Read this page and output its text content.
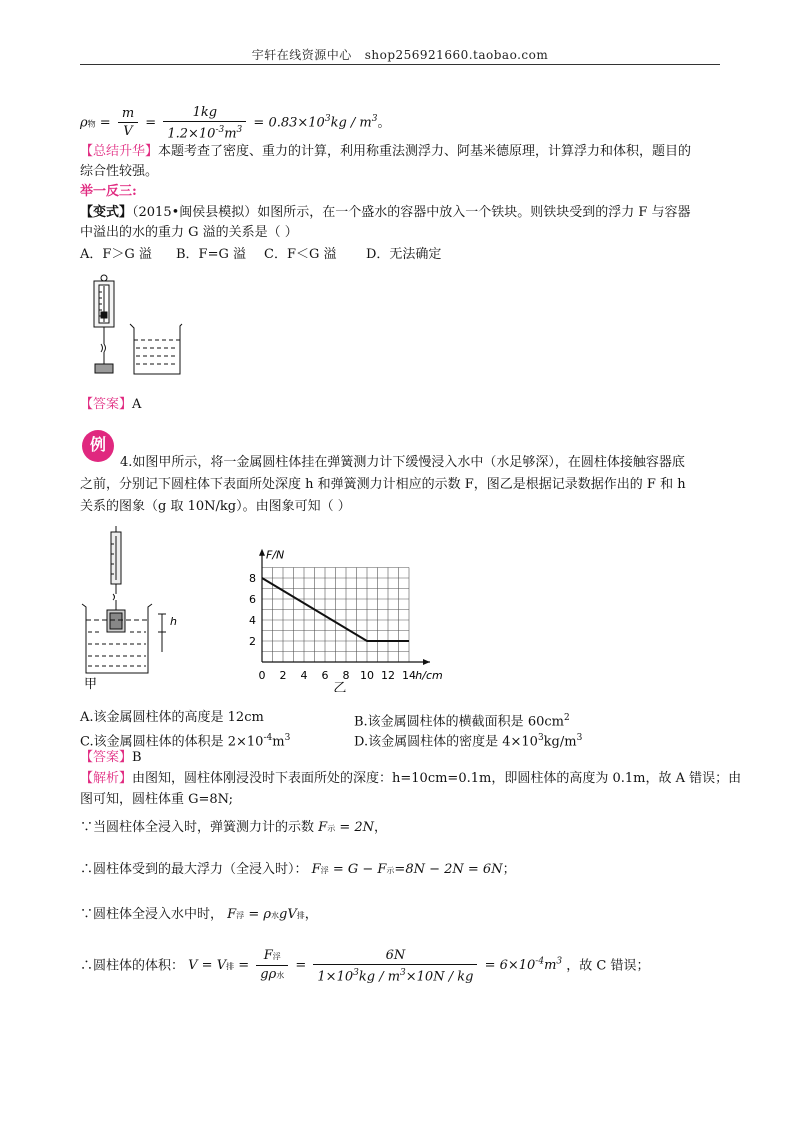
宇轩在线资源中心 shop256921660.taobao.com
ρ物 = $\frac{m}{V} = \frac{1kg}{1.2\times 10^{-3}m^3} = 0.83\times 10^3kg / m^3$。
【总结升华】本题考查了密度、重力的计算，利用称重法测浮力、阿基米德原理，计算浮力和体积，题目的
综合性较强。
举一反三:
【变式】（2015•闽侯县模拟）如图所示，在一个盛水的容器中放入一个铁块。则铁块受到的浮力 F 与容器
中溢出的水的重力 G 溢的关系是（ ）
A．F＞G 溢 B．F=G 溢 C．F＜G 溢 D．无法确定
【答案】A
例
4.如图甲所示，将一金属圆柱体挂在弹簧测力计下缓慢浸入水中（水足够深），在圆柱体接触容器底
之前，分别记下圆柱体下表面所处深度 h 和弹簧测力计相应的示数 F，图乙是根据记录数据作出的 F 和 h
关系的图象（g 取 10N/kg）。由图象可知（ ）
h
甲
0 2 4 6 8 10 12 14
2
4
6
8
F/N
h/cm
乙
A.该金属圆柱体的高度是 12cm	B.该金属圆柱体的横截面积是 $60cm^2$
C.该金属圆柱体的体积是 $2\times 10^{-4}m^3$	D.该金属圆柱体的密度是 $4\times 10^3kg/m^3$
【答案】B
【解析】由图知，圆柱体刚浸没时下表面所处的深度：h=10cm=0.1m，即圆柱体的高度为 0.1m，故 A 错误；由
图可知，圆柱体重 G=8N;
∵当圆柱体全浸入时，弹簧测力计的示数 F示 = 2N，
∴圆柱体受到的最大浮力（全浸入时）： F浮 = G − F示=8N − 2N = 6N；
∵圆柱体全浸入水中时， F浮 = ρ水gV排，
∴圆柱体的体积： V = V排 = $\frac{\text{F浮}}{\text{gρ水}} = \frac{6N}{1\times 10^3kg / m^3\times 10N / kg} = 6\times 10^{-4}m^3$ ，故 C 错误；
